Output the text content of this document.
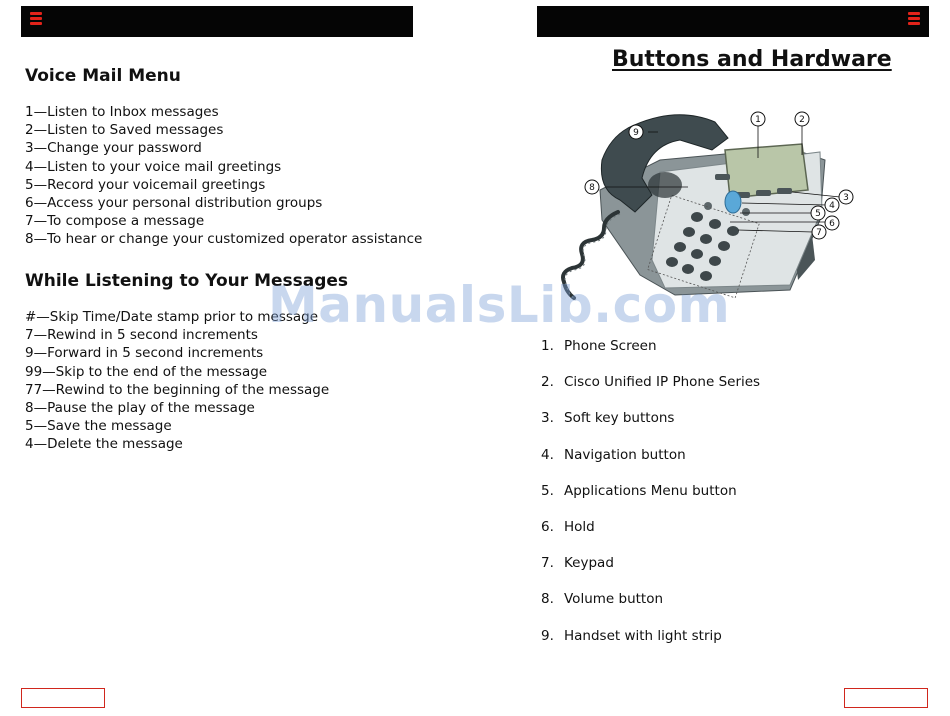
Voice Mail Menu
1—Listen to Inbox messages
2—Listen to Saved messages
3—Change your password
4—Listen to your voice mail greetings
5—Record your voicemail greetings
6—Access your personal distribution groups
7—To compose a message
8—To hear or change your customized operator assistance
While Listening to Your Messages
#—Skip Time/Date stamp prior to message
7—Rewind in 5 second increments
9—Forward in 5 second increments
99—Skip to the end of the message
77—Rewind to the beginning of the message
8—Pause the play of the message
5—Save the message
4—Delete the message
Buttons and Hardware
1	2
3
4
5
6
7
8
9
1. Phone Screen
2. Cisco Unified IP Phone Series
3. Soft key buttons
4. Navigation button
5. Applications Menu button
6. Hold
7. Keypad
8. Volume button
9. Handset with light strip
ManualsLib.com
